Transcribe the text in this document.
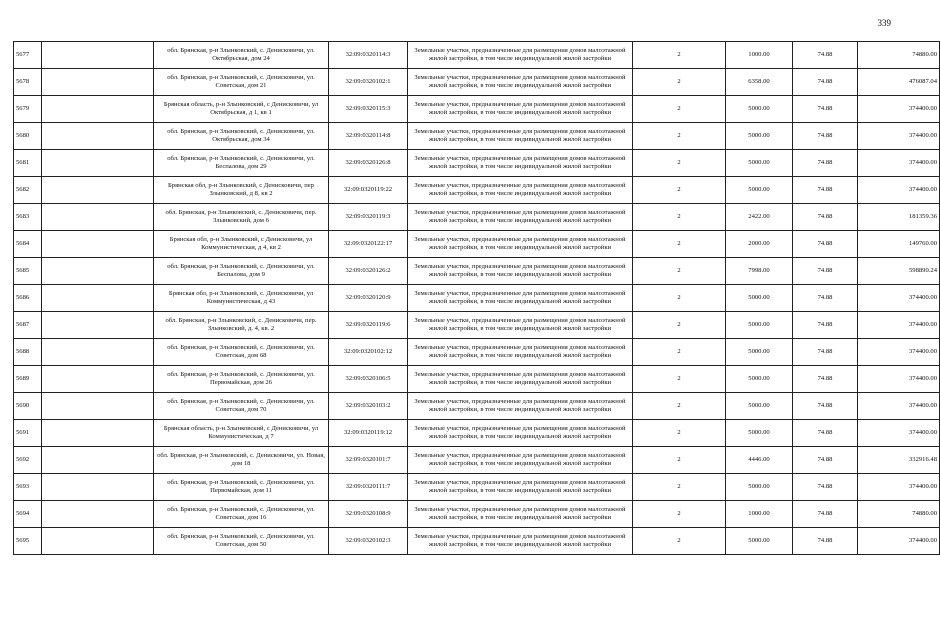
339
5677		обл. Брянская, р-н Злынковский, с. Денисковичи, ул. Октябрьская, дом 24	32:09:0320114:3	Земельные участки, предназначенные для размещения домов малоэтажной жилой застройки, в том числе индивидуальной жилой застройки	2	1000.00	74.88	74880.00
5678		обл. Брянская, р-н Злынковский, с. Денисковичи, ул. Советская, дом 21	32:09:0320102:1	Земельные участки, предназначенные для размещения домов малоэтажной жилой застройки, в том числе индивидуальной жилой застройки	2	6358.00	74.88	476087.04
5679		Брянская область, р-н Злынковский, с Денисковичи, ул Октябрьская, д 1, кв 1	32:09:0320115:3	Земельные участки, предназначенные для размещения домов малоэтажной жилой застройки, в том числе индивидуальной жилой застройки	2	5000.00	74.88	374400.00
5680		обл. Брянская, р-н Злынковский, с. Денисковичи, ул. Октябрьская, дом 34	32:09:0320114:8	Земельные участки, предназначенные для размещения домов малоэтажной жилой застройки, в том числе индивидуальной жилой застройки	2	5000.00	74.88	374400.00
5681		обл. Брянская, р-н Злынковский, с. Денисковичи, ул. Беспалова, дом 29	32:09:0320126:8	Земельные участки, предназначенные для размещения домов малоэтажной жилой застройки, в том числе индивидуальной жилой застройки	2	5000.00	74.88	374400.00
5682		Брянская обл, р-н Злынковский, с Денисковичи, пер Злынковский, д 8, кв 2	32:09:0320119:22	Земельные участки, предназначенные для размещения домов малоэтажной жилой застройки, в том числе индивидуальной жилой застройки	2	5000.00	74.88	374400.00
5683		обл. Брянская, р-н Злынковский, с. Денисковичи, пер. Злынковский, дом 6	32:09:0320119:3	Земельные участки, предназначенные для размещения домов малоэтажной жилой застройки, в том числе индивидуальной жилой застройки	2	2422.00	74.88	181359.36
5684		Брянская обл, р-н Злынковский, с Денисковичи, ул Коммунистическая, д 4, кв 2	32:09:0320122:17	Земельные участки, предназначенные для размещения домов малоэтажной жилой застройки, в том числе индивидуальной жилой застройки	2	2000.00	74.88	149760.00
5685		обл. Брянская, р-н Злынковский, с. Денисковичи, ул. Беспалова, дом 9	32:09:0320126:2	Земельные участки, предназначенные для размещения домов малоэтажной жилой застройки, в том числе индивидуальной жилой застройки	2	7998.00	74.88	598890.24
5686		Брянская обл, р-н Злынковский, с. Денисковичи, ул Коммунистическая, д 43	32:09:0320120:9	Земельные участки, предназначенные для размещения домов малоэтажной жилой застройки, в том числе индивидуальной жилой застройки	2	5000.00	74.88	374400.00
5687		обл. Брянская, р-н Злынковский, с. Денисковичи, пер. Злынковский, д. 4, кв. 2	32:09:0320119:6	Земельные участки, предназначенные для размещения домов малоэтажной жилой застройки, в том числе индивидуальной жилой застройки	2	5000.00	74.88	374400.00
5688		обл. Брянская, р-н Злынковский, с. Денисковичи, ул. Советская, дом 68	32:09:0320102:12	Земельные участки, предназначенные для размещения домов малоэтажной жилой застройки, в том числе индивидуальной жилой застройки	2	5000.00	74.88	374400.00
5689		обл. Брянская, р-н Злынковский, с. Денисковичи, ул. Первомайская, дом 26	32:09:0320106:5	Земельные участки, предназначенные для размещения домов малоэтажной жилой застройки, в том числе индивидуальной жилой застройки	2	5000.00	74.88	374400.00
5690		обл. Брянская, р-н Злынковский, с. Денисковичи, ул. Советская, дом 70	32:09:0320103:2	Земельные участки, предназначенные для размещения домов малоэтажной жилой застройки, в том числе индивидуальной жилой застройки	2	5000.00	74.88	374400.00
5691		Брянская область, р-н Злынковский, с Денисковичи, ул Коммунистическая, д 7	32:09:0320119:12	Земельные участки, предназначенные для размещения домов малоэтажной жилой застройки, в том числе индивидуальной жилой застройки	2	5000.00	74.88	374400.00
5692		обл. Брянская, р-н Злынковский, с. Денисковичи, ул. Новая, дом 18	32:09:0320101:7	Земельные участки, предназначенные для размещения домов малоэтажной жилой застройки, в том числе индивидуальной жилой застройки	2	4446.00	74.88	332916.48
5693		обл. Брянская, р-н Злынковский, с. Денисковичи, ул. Первомайская, дом 11	32:09:0320111:7	Земельные участки, предназначенные для размещения домов малоэтажной жилой застройки, в том числе индивидуальной жилой застройки	2	5000.00	74.88	374400.00
5694		обл. Брянская, р-н Злынковский, с. Денисковичи, ул. Советская, дом 16	32:09:0320108:9	Земельные участки, предназначенные для размещения домов малоэтажной жилой застройки, в том числе индивидуальной жилой застройки	2	1000.00	74.88	74880.00
5695		обл. Брянская, р-н Злынковский, с. Денисковичи, ул. Советская, дом 50	32:09:0320102:3	Земельные участки, предназначенные для размещения домов малоэтажной жилой застройки, в том числе индивидуальной жилой застройки	2	5000.00	74.88	374400.00
